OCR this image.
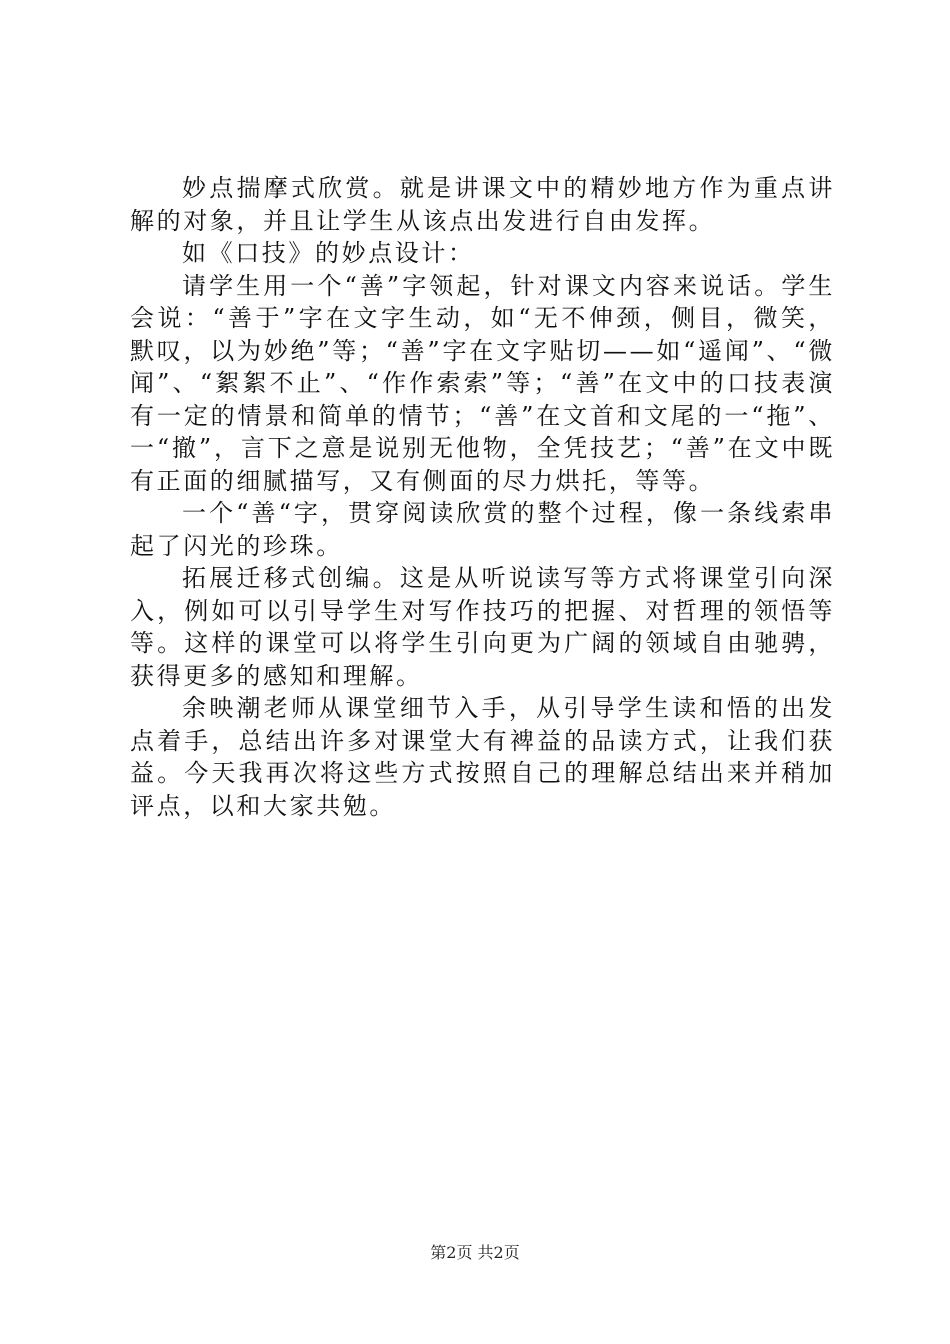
妙点揣摩式欣赏。就是讲课文中的精妙地方作为重点讲解的对象，并且让学生从该点出发进行自由发挥。

如《口技》的妙点设计：

请学生用一个“善”字领起，针对课文内容来说话。学生会说：“善于”字在文字生动，如“无不伸颈，侧目，微笑，默叹，以为妙绝”等；“善”字在文字贴切——如“遥闻”、“微闻”、“絮絮不止”、“作作索索”等；“善”在文中的口技表演有一定的情景和简单的情节；“善”在文首和文尾的一“拖”、一“撤”，言下之意是说别无他物，全凭技艺；“善”在文中既有正面的细腻描写，又有侧面的尽力烘托，等等。

一个“善“字，贯穿阅读欣赏的整个过程，像一条线索串起了闪光的珍珠。

拓展迁移式创编。这是从听说读写等方式将课堂引向深入，例如可以引导学生对写作技巧的把握、对哲理的领悟等等。这样的课堂可以将学生引向更为广阔的领域自由驰骋，获得更多的感知和理解。

余映潮老师从课堂细节入手，从引导学生读和悟的出发点着手，总结出许多对课堂大有裨益的品读方式，让我们获益。今天我再次将这些方式按照自己的理解总结出来并稍加评点，以和大家共勉。

第2页 共2页
